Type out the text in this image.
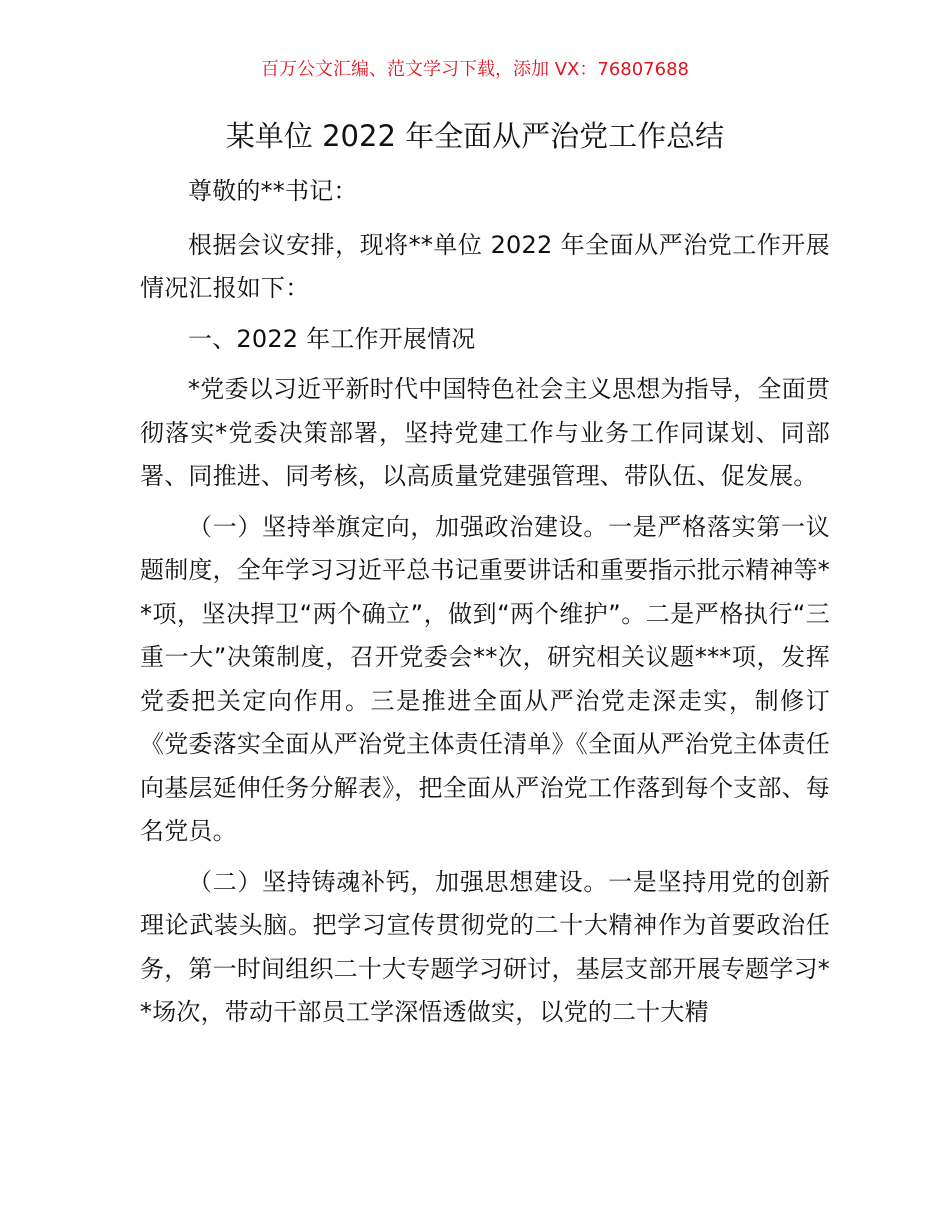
百万公文汇编、范文学习下载，添加 VX：76807688
某单位 2022 年全面从严治党工作总结

尊敬的**书记：

根据会议安排，现将**单位 2022 年全面从严治党工作开展情况汇报如下：

一、2022 年工作开展情况

*党委以习近平新时代中国特色社会主义思想为指导，全面贯彻落实*党委决策部署，坚持党建工作与业务工作同谋划、同部署、同推进、同考核，以高质量党建强管理、带队伍、促发展。

（一）坚持举旗定向，加强政治建设。一是严格落实第一议题制度，全年学习习近平总书记重要讲话和重要指示批示精神等**项，坚决捍卫“两个确立”，做到“两个维护”。二是严格执行“三重一大”决策制度，召开党委会**次，研究相关议题***项，发挥党委把关定向作用。三是推进全面从严治党走深走实，制修订《党委落实全面从严治党主体责任清单》《全面从严治党主体责任向基层延伸任务分解表》，把全面从严治党工作落到每个支部、每名党员。

（二）坚持铸魂补钙，加强思想建设。一是坚持用党的创新理论武装头脑。把学习宣传贯彻党的二十大精神作为首要政治任务，第一时间组织二十大专题学习研讨，基层支部开展专题学习**场次，带动干部员工学深悟透做实，以党的二十大精
